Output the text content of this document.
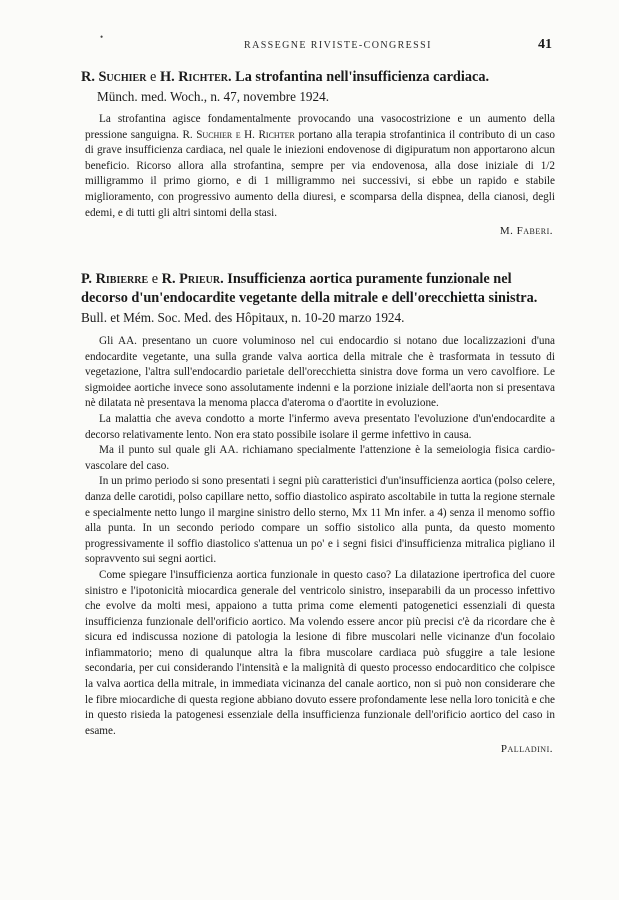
•
RASSEGNE RIVISTE-CONGRESSI	41

R. Suchier e H. Richter. La strofantina nell'insufficienza cardiaca.

Münch. med. Woch., n. 47, novembre 1924.

La strofantina agisce fondamentalmente provocando una vasocostrizione e un aumento della pressione sanguigna. R. Suchier e H. Richter portano alla terapia strofantinica il contributo di un caso di grave insufficienza cardiaca, nel quale le iniezioni endovenose di digipuratum non apportarono alcun beneficio. Ricorso allora alla strofantina, sempre per via endovenosa, alla dose iniziale di 1/2 milligrammo il primo giorno, e di 1 milligrammo nei successivi, si ebbe un rapido e stabile miglioramento, con progressivo aumento della diuresi, e scomparsa della dispnea, della cianosi, degli edemi, e di tutti gli altri sintomi della stasi.

M. Faberi.

P. Ribierre e R. Prieur. Insufficienza aortica puramente funzionale nel decorso d'un'endocardite vegetante della mitrale e dell'orecchietta sinistra. Bull. et Mém. Soc. Med. des Hôpitaux, n. 10-20 marzo 1924.

Gli AA. presentano un cuore voluminoso nel cui endocardio si notano due localizzazioni d'una endocardite vegetante, una sulla grande valva aortica della mitrale che è trasformata in tessuto di vegetazione, l'altra sull'endocardio parietale dell'orecchietta sinistra dove forma un vero cavolfiore. Le sigmoidee aortiche invece sono assolutamente indenni e la porzione iniziale dell'aorta non si presentava nè dilatata nè presentava la menoma placca d'ateroma o d'aortite in evoluzione.

La malattia che aveva condotto a morte l'infermo aveva presentato l'evoluzione d'un'endocardite a decorso relativamente lento. Non era stato possibile isolare il germe infettivo in causa.

Ma il punto sul quale gli AA. richiamano specialmente l'attenzione è la semeiologia fisica cardio-vascolare del caso.

In un primo periodo si sono presentati i segni più caratteristici d'un'insufficienza aortica (polso celere, danza delle carotidi, polso capillare netto, soffio diastolico aspirato ascoltabile in tutta la regione sternale e specialmente netto lungo il margine sinistro dello sterno, Mx 11 Mn infer. a 4) senza il menomo soffio alla punta. In un secondo periodo compare un soffio sistolico alla punta, da questo momento progressivamente il soffio diastolico s'attenua un po' e i segni fisici d'insufficienza mitralica pigliano il sopravvento sui segni aortici.

Come spiegare l'insufficienza aortica funzionale in questo caso? La dilatazione ipertrofica del cuore sinistro e l'ipotonicità miocardica generale del ventricolo sinistro, inseparabili da un processo infettivo che evolve da molti mesi, appaiono a tutta prima come elementi patogenetici essenziali di questa insufficienza funzionale dell'orificio aortico. Ma volendo essere ancor più precisi c'è da ricordare che è sicura ed indiscussa nozione di patologia la lesione di fibre muscolari nelle vicinanze d'un focolaio infiammatorio; meno di qualunque altra la fibra muscolare cardiaca può sfuggire a tale lesione secondaria, per cui considerando l'intensità e la malignità di questo processo endocarditico che colpisce la valva aortica della mitrale, in immediata vicinanza del canale aortico, non si può non considerare che le fibre miocardiche di questa regione abbiano dovuto essere profondamente lese nella loro tonicità e che in questo risieda la patogenesi essenziale della insufficienza funzionale dell'orificio aortico del caso in esame.

Palladini.
